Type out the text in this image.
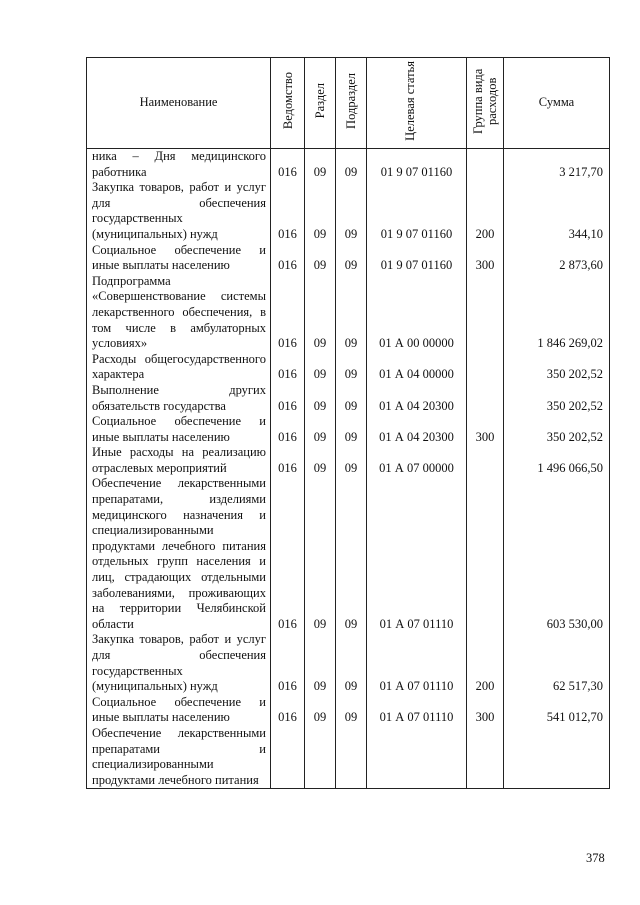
Наименование	Ведомство	Раздел	Подраздел	Целевая статья	Группа вида расходов	Сумма
ника – Дня медицинского работника	016	09	09	01 9 07 01160		3 217,70
Закупка товаров, работ и услуг для обеспечения государственных (муниципальных) нужд	016	09	09	01 9 07 01160	200	344,10
Социальное обеспечение и иные выплаты населению	016	09	09	01 9 07 01160	300	2 873,60
Подпрограмма «Совершенствование системы лекарственного обеспечения, в том числе в амбулаторных условиях»	016	09	09	01 А 00 00000		1 846 269,02
Расходы общегосударственного характера	016	09	09	01 А 04 00000		350 202,52
Выполнение других обязательств государства	016	09	09	01 А 04 20300		350 202,52
Социальное обеспечение и иные выплаты населению	016	09	09	01 А 04 20300	300	350 202,52
Иные расходы на реализацию отраслевых мероприятий	016	09	09	01 А 07 00000		1 496 066,50
Обеспечение лекарственными препаратами, изделиями медицинского назначения и специализированными продуктами лечебного питания отдельных групп населения и лиц, страдающих отдельными заболеваниями, проживающих на территории Челябинской области	016	09	09	01 А 07 01110		603 530,00
Закупка товаров, работ и услуг для обеспечения государственных (муниципальных) нужд	016	09	09	01 А 07 01110	200	62 517,30
Социальное обеспечение и иные выплаты населению	016	09	09	01 А 07 01110	300	541 012,70
Обеспечение лекарственными препаратами и специализированными продуктами лечебного питания						
378
